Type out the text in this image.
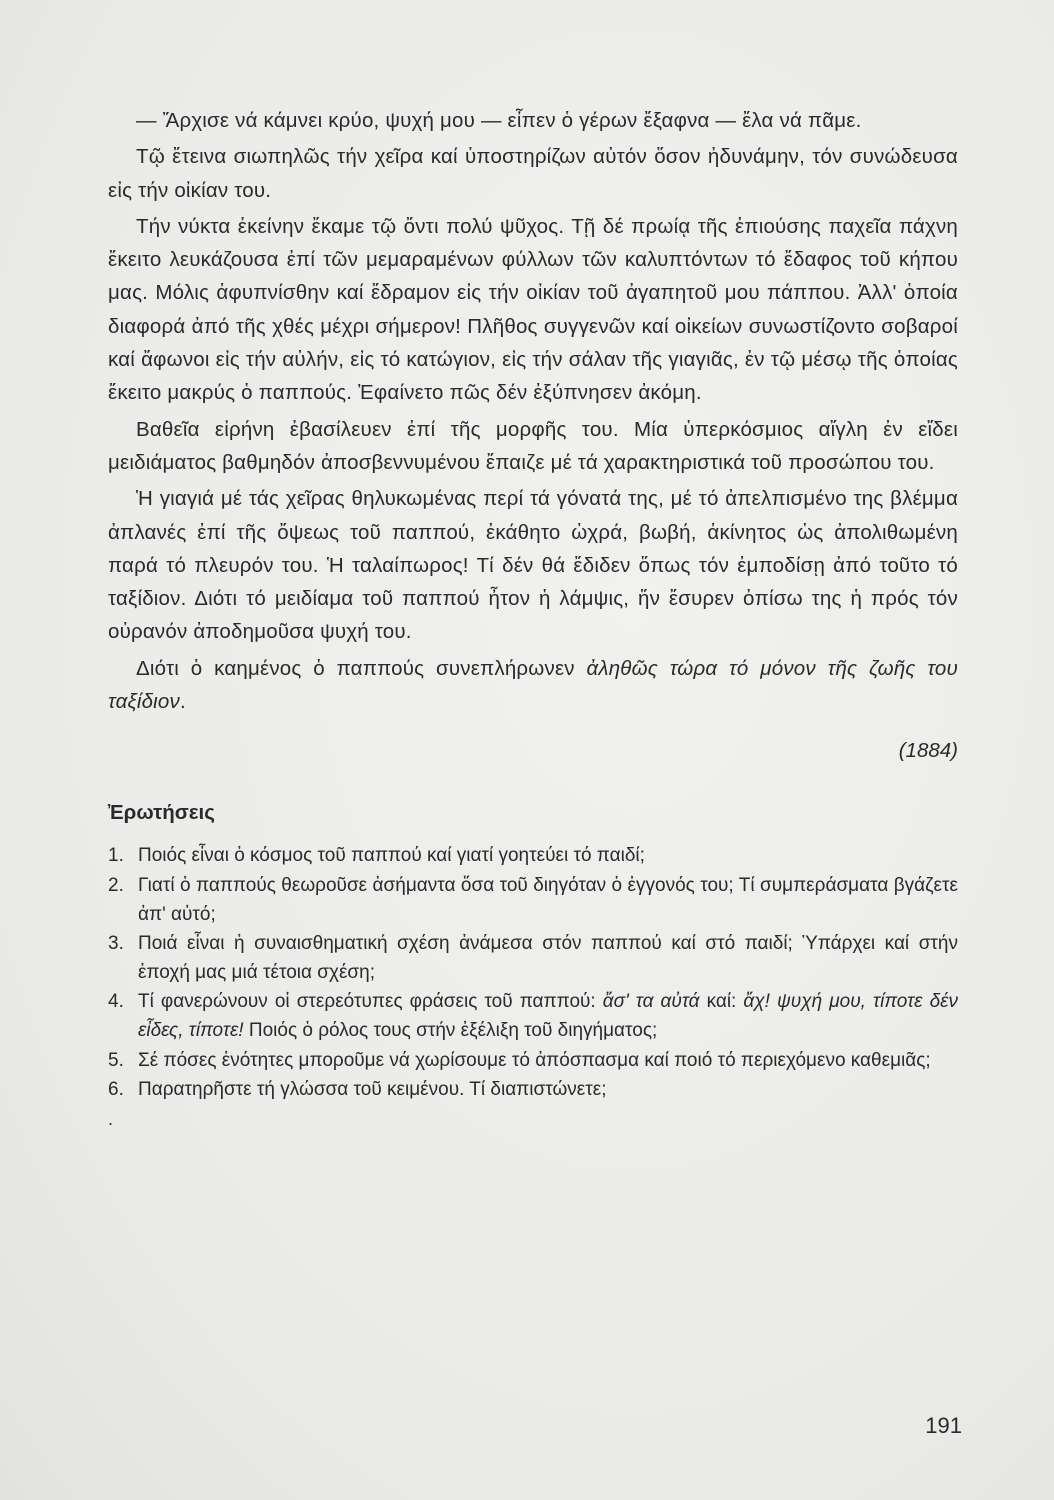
— Ἄρχισε νά κάμνει κρύο, ψυχή μου — εἶπεν ὁ γέρων ἔξαφνα — ἔλα νά πᾶμε.

Τῷ ἔτεινα σιωπηλῶς τήν χεῖρα καί ὑποστηρίζων αὐτόν ὅσον ἠδυνάμην, τόν συνώδευσα εἰς τήν οἰκίαν του.

Τήν νύκτα ἐκείνην ἔκαμε τῷ ὄντι πολύ ψῦχος. Τῇ δέ πρωίᾳ τῆς ἐπιούσης παχεῖα πάχνη ἔκειτο λευκάζουσα ἐπί τῶν μεμαραμένων φύλλων τῶν καλυπτόντων τό ἔδαφος τοῦ κήπου μας. Μόλις ἀφυπνίσθην καί ἔδραμον εἰς τήν οἰκίαν τοῦ ἀγαπητοῦ μου πάππου. Ἀλλ' ὁποία διαφορά ἀπό τῆς χθές μέχρι σήμερον! Πλῆθος συγγενῶν καί οἰκείων συνωστίζοντο σοβαροί καί ἄφωνοι εἰς τήν αὐλήν, εἰς τό κατώγιον, εἰς τήν σάλαν τῆς γιαγιᾶς, ἐν τῷ μέσῳ τῆς ὁποίας ἔκειτο μακρύς ὁ παππούς. Ἐφαίνετο πῶς δέν ἐξύπνησεν ἀκόμη.

Βαθεῖα εἰρήνη ἐβασίλευεν ἐπί τῆς μορφῆς του. Μία ὑπερκόσμιος αἴγλη ἐν εἴδει μειδιάματος βαθμηδόν ἀποσβεννυμένου ἔπαιζε μέ τά χαρακτηριστικά τοῦ προσώπου του.

Ἡ γιαγιά μέ τάς χεῖρας θηλυκωμένας περί τά γόνατά της, μέ τό ἀπελπισμένο της βλέμμα ἀπλανές ἐπί τῆς ὄψεως τοῦ παππού, ἐκάθητο ὠχρά, βωβή, ἀκίνητος ὡς ἀπολιθωμένη παρά τό πλευρόν του. Ἡ ταλαίπωρος! Τί δέν θά ἔδιδεν ὅπως τόν ἐμποδίσῃ ἀπό τοῦτο τό ταξίδιον. Διότι τό μειδίαμα τοῦ παππού ἦτον ἡ λάμψις, ἥν ἔσυρεν ὀπίσω της ἡ πρός τόν οὐρανόν ἀποδημοῦσα ψυχή του.

Διότι ὁ καημένος ὁ παππούς συνεπλήρωνεν ἀληθῶς τώρα τό μόνον τῆς ζωῆς του ταξίδιον.

(1884)
Ἐρωτήσεις
1. Ποιός εἶναι ὁ κόσμος τοῦ παππού καί γιατί γοητεύει τό παιδί;
2. Γιατί ὁ παππούς θεωροῦσε ἀσήμαντα ὅσα τοῦ διηγόταν ὁ ἐγγονός του; Τί συμπεράσματα βγάζετε ἀπ' αὐτό;
3. Ποιά εἶναι ἡ συναισθηματική σχέση ἀνάμεσα στόν παππού καί στό παιδί; Ὑπάρχει καί στήν ἐποχή μας μιά τέτοια σχέση;
4. Τί φανερώνουν οἱ στερεότυπες φράσεις τοῦ παππού: ἄσ' τα αὐτά καί: ἄχ! ψυχή μου, τίποτε δέν εἶδες, τίποτε! Ποιός ὁ ρόλος τους στήν ἐξέλιξη τοῦ διηγήματος;
5. Σέ πόσες ἑνότητες μποροῦμε νά χωρίσουμε τό ἀπόσπασμα καί ποιό τό περιεχόμενο καθεμιᾶς;
6. Παρατηρῆστε τή γλώσσα τοῦ κειμένου. Τί διαπιστώνετε;
.
191
